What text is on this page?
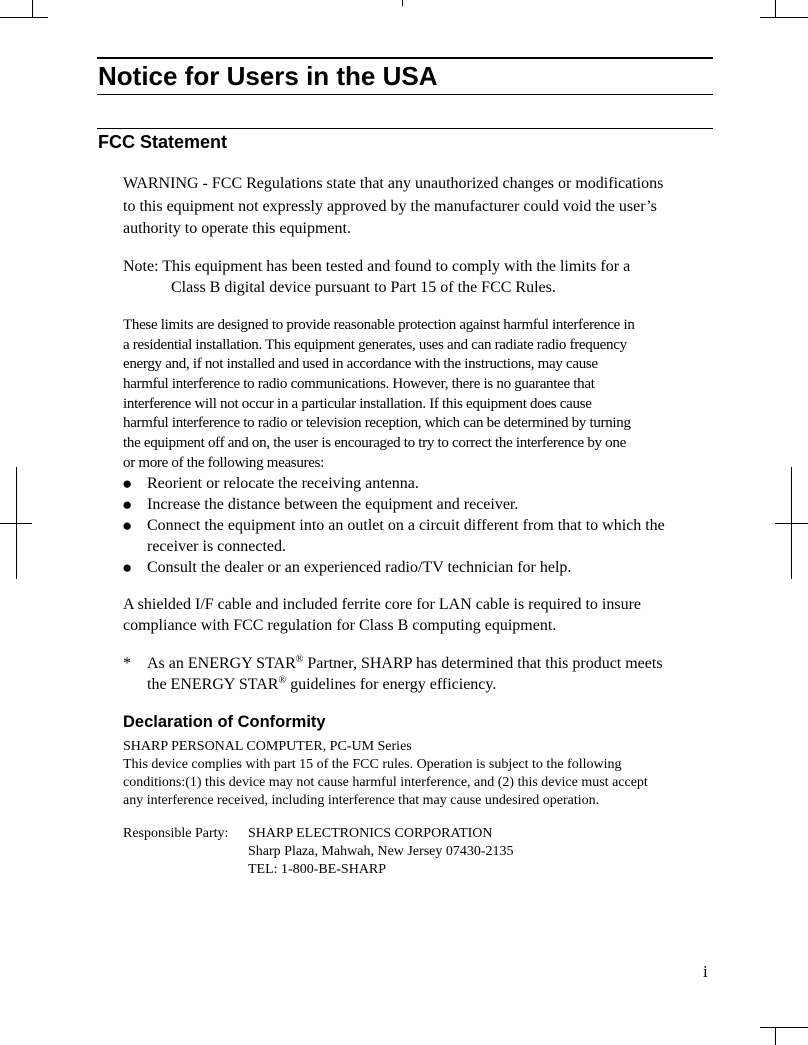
Notice for Users in the USA
FCC Statement
WARNING - FCC Regulations state that any unauthorized changes or modifications
to this equipment not expressly approved by the manufacturer could void the user’s
authority to operate this equipment.
Note: This equipment has been tested and found to comply with the limits for a
Class B digital device pursuant to Part 15 of the FCC Rules.
These limits are designed to provide reasonable protection against harmful interference in
a residential installation. This equipment generates, uses and can radiate radio frequency
energy and, if not installed and used in accordance with the instructions, may cause
harmful interference to radio communications. However, there is no guarantee that
interference will not occur in a particular installation. If this equipment does cause
harmful interference to radio or television reception, which can be determined by turning
the equipment off and on, the user is encouraged to try to correct the interference by one
or more of the following measures:
● Reorient or relocate the receiving antenna.
● Increase the distance between the equipment and receiver.
● Connect the equipment into an outlet on a circuit different from that to which the
receiver is connected.
● Consult the dealer or an experienced radio/TV technician for help.
A shielded I/F cable and included ferrite core for LAN cable is required to insure
compliance with FCC regulation for Class B computing equipment.
* As an ENERGY STAR® Partner, SHARP has determined that this product meets
the ENERGY STAR® guidelines for energy efficiency.
Declaration of Conformity
SHARP PERSONAL COMPUTER, PC-UM Series
This device complies with part 15 of the FCC rules. Operation is subject to the following
conditions:(1) this device may not cause harmful interference, and (2) this device must accept
any interference received, including interference that may cause undesired operation.
Responsible Party: SHARP ELECTRONICS CORPORATION
Sharp Plaza, Mahwah, New Jersey 07430-2135
TEL: 1-800-BE-SHARP
i
